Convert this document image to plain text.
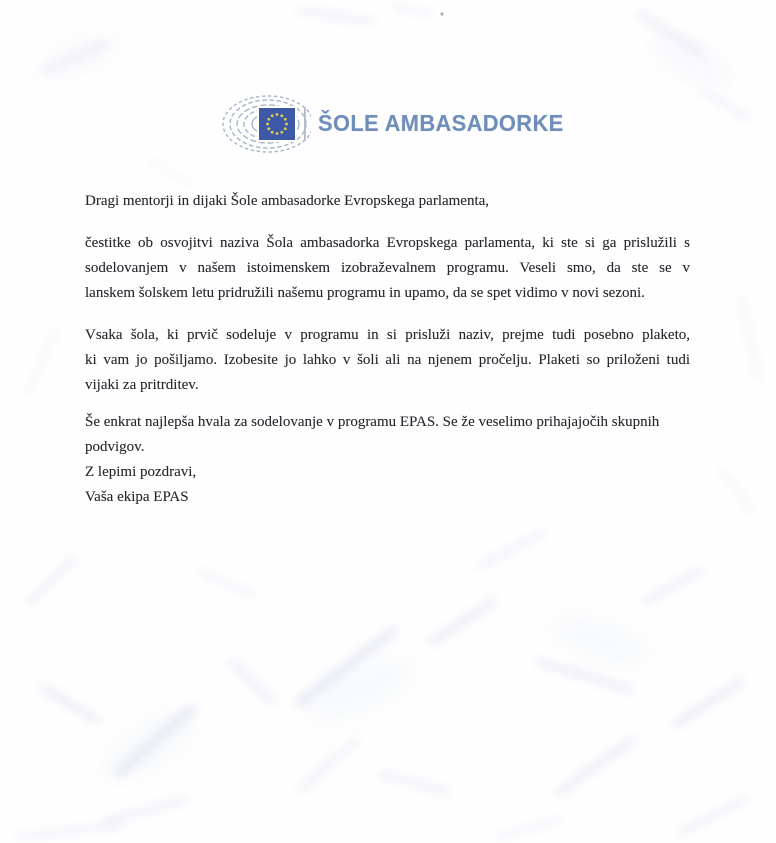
ŠOLE AMBASADORKE

Dragi mentorji in dijaki Šole ambasadorke Evropskega parlamenta,

čestitke ob osvojitvi naziva Šola ambasadorka Evropskega parlamenta, ki ste si ga prislužili s
sodelovanjem v našem istoimenskem izobraževalnem programu. Veseli smo, da ste se v
lanskem šolskem letu pridružili našemu programu in upamo, da se spet vidimo v novi sezoni.
Vsaka šola, ki prvič sodeluje v programu in si prisluži naziv, prejme tudi posebno plaketo,
ki vam jo pošiljamo. Izobesite jo lahko v šoli ali na njenem pročelju. Plaketi so priloženi tudi
vijaki za pritrditev.
Še enkrat najlepša hvala za sodelovanje v programu EPAS. Se že veselimo prihajajočih skupnih
podvigov.

Z lepimi pozdravi,

Vaša ekipa EPAS
